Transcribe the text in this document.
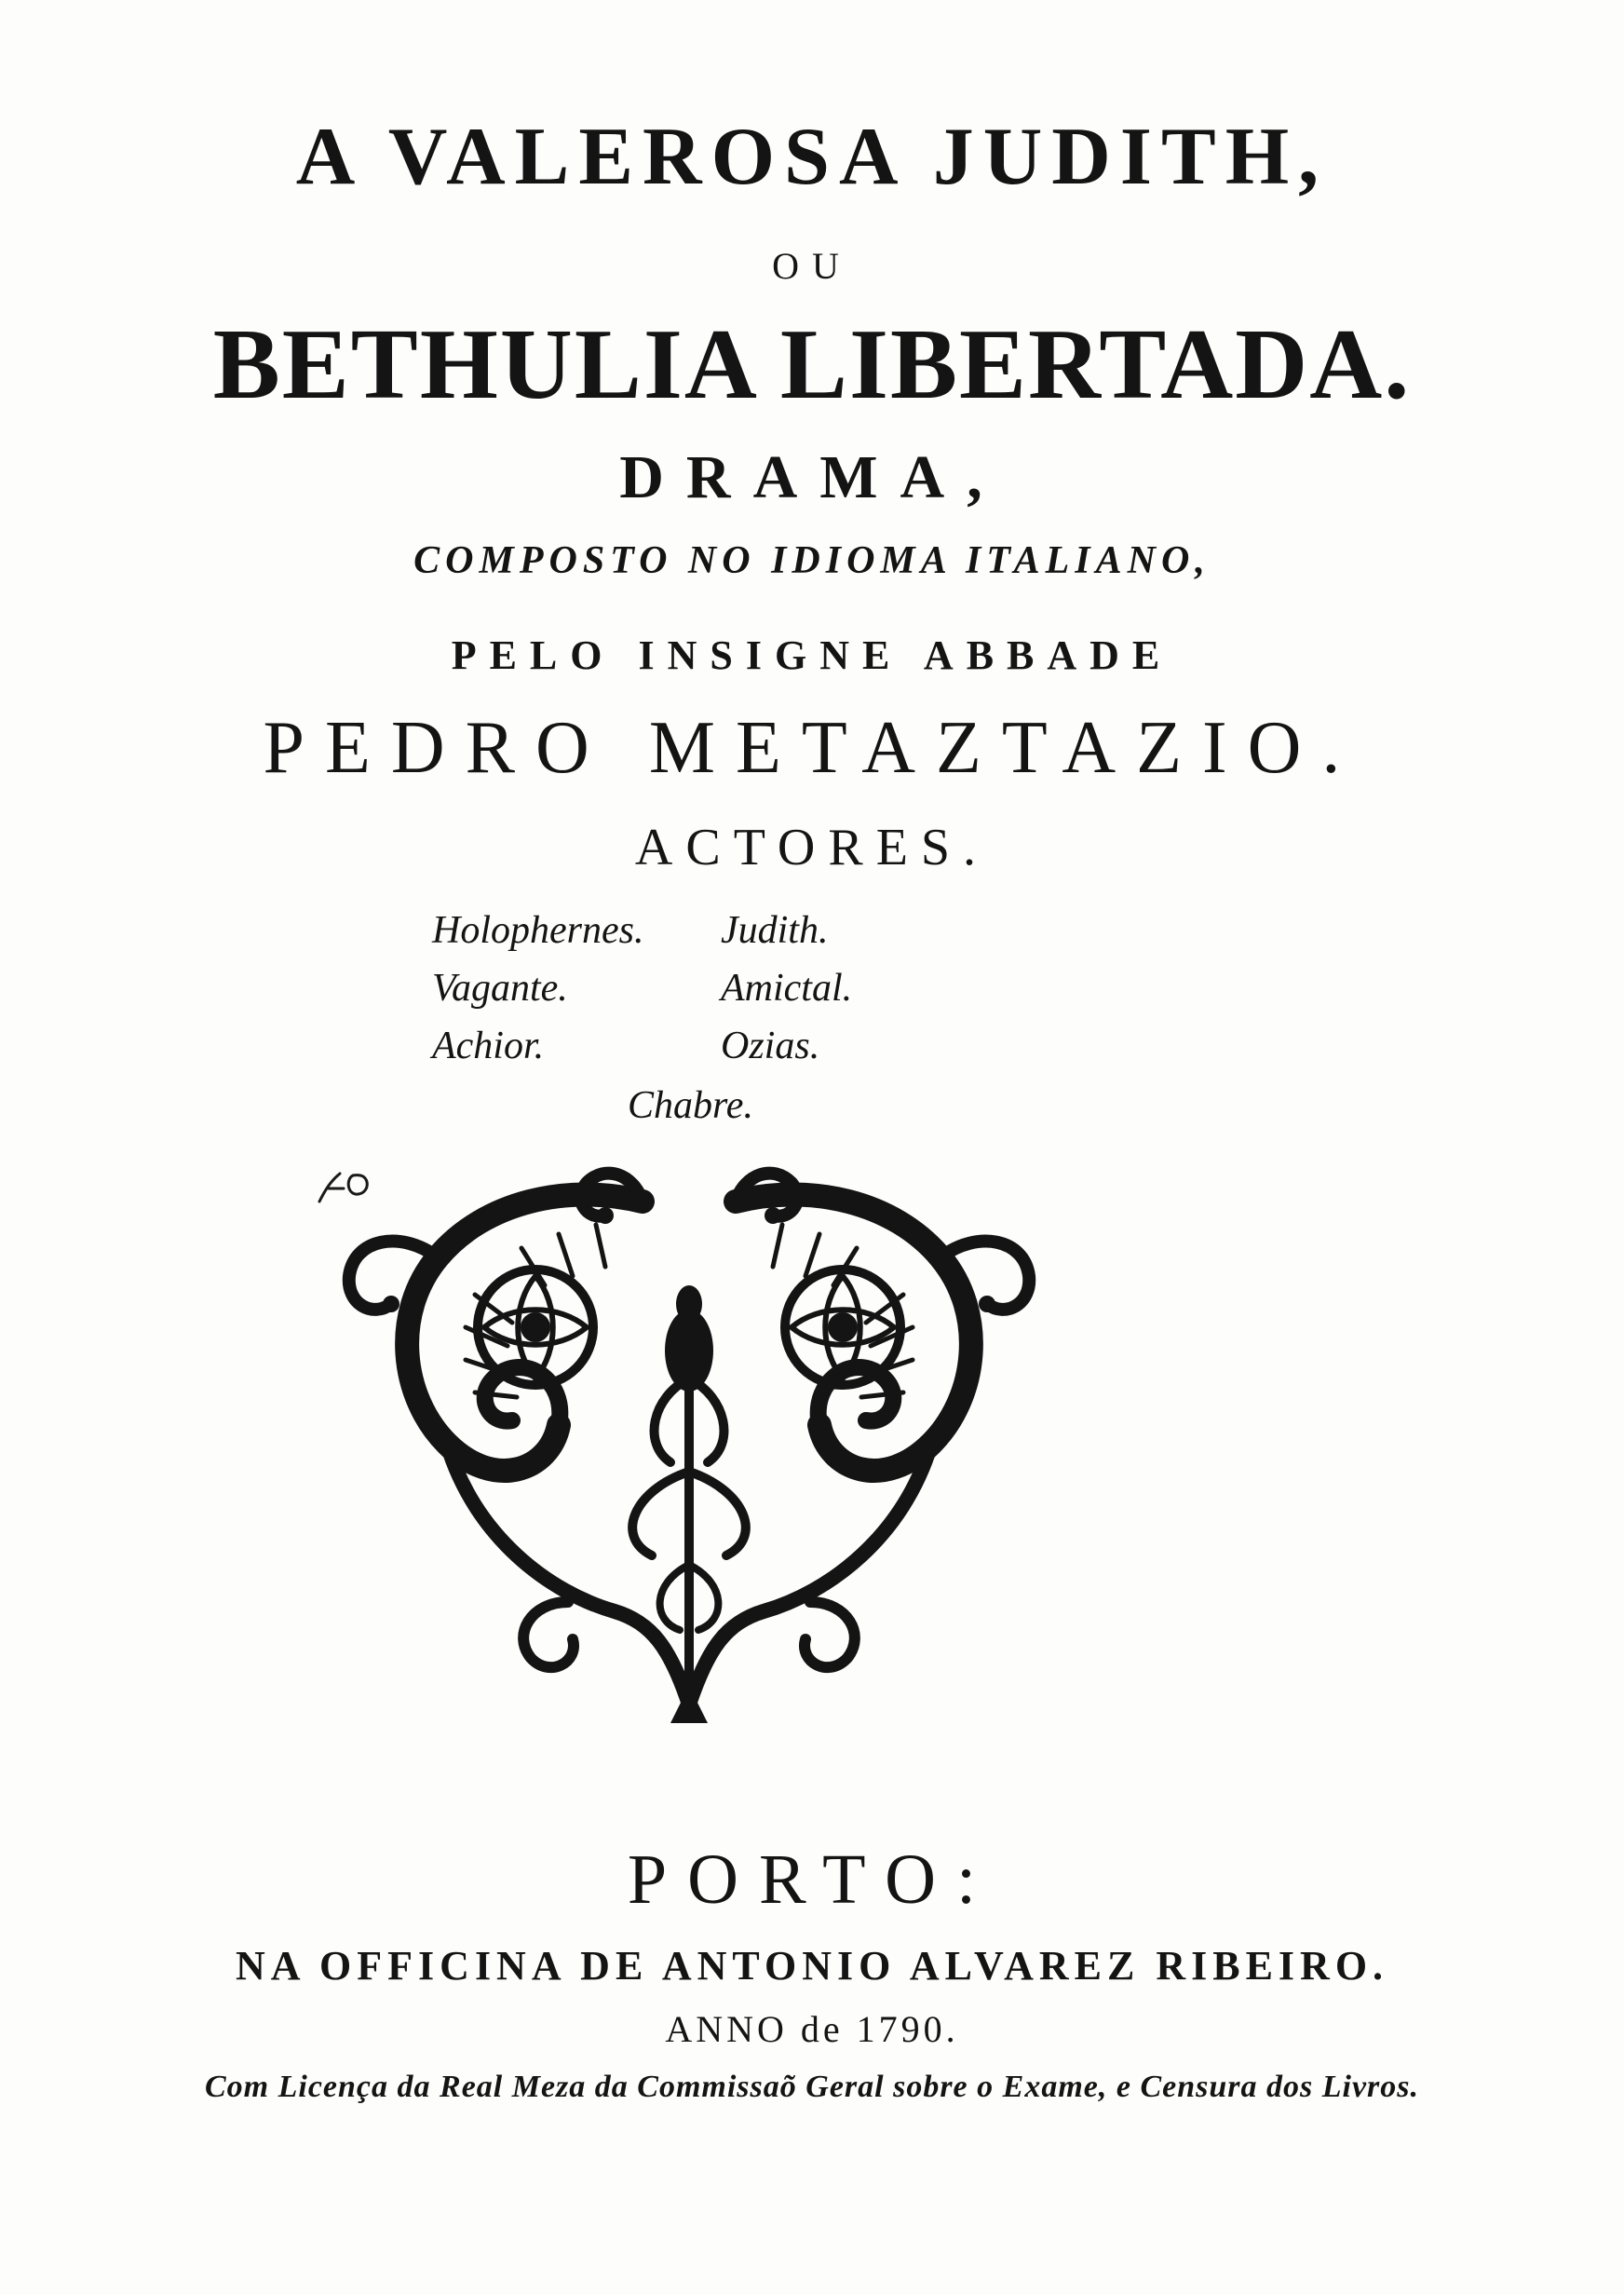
A VALEROSA JUDITH,
OU
BETHULIA LIBERTADA.
DRAMA,
COMPOSTO NO IDIOMA ITALIANO,
PELO INSIGNE ABBADE
PEDRO METAZTAZIO.
ACTORES.
Holophernes. Judith.
Vagante.	Amictal.
Achior.	Ozias.
Chabre.
PORTO:
NA OFFICINA DE ANTONIO ALVAREZ RIBEIRO.
ANNO de 1790.
Com Licença da Real Meza da Commissaõ Geral sobre o Exame, e Censura dos Livros.
